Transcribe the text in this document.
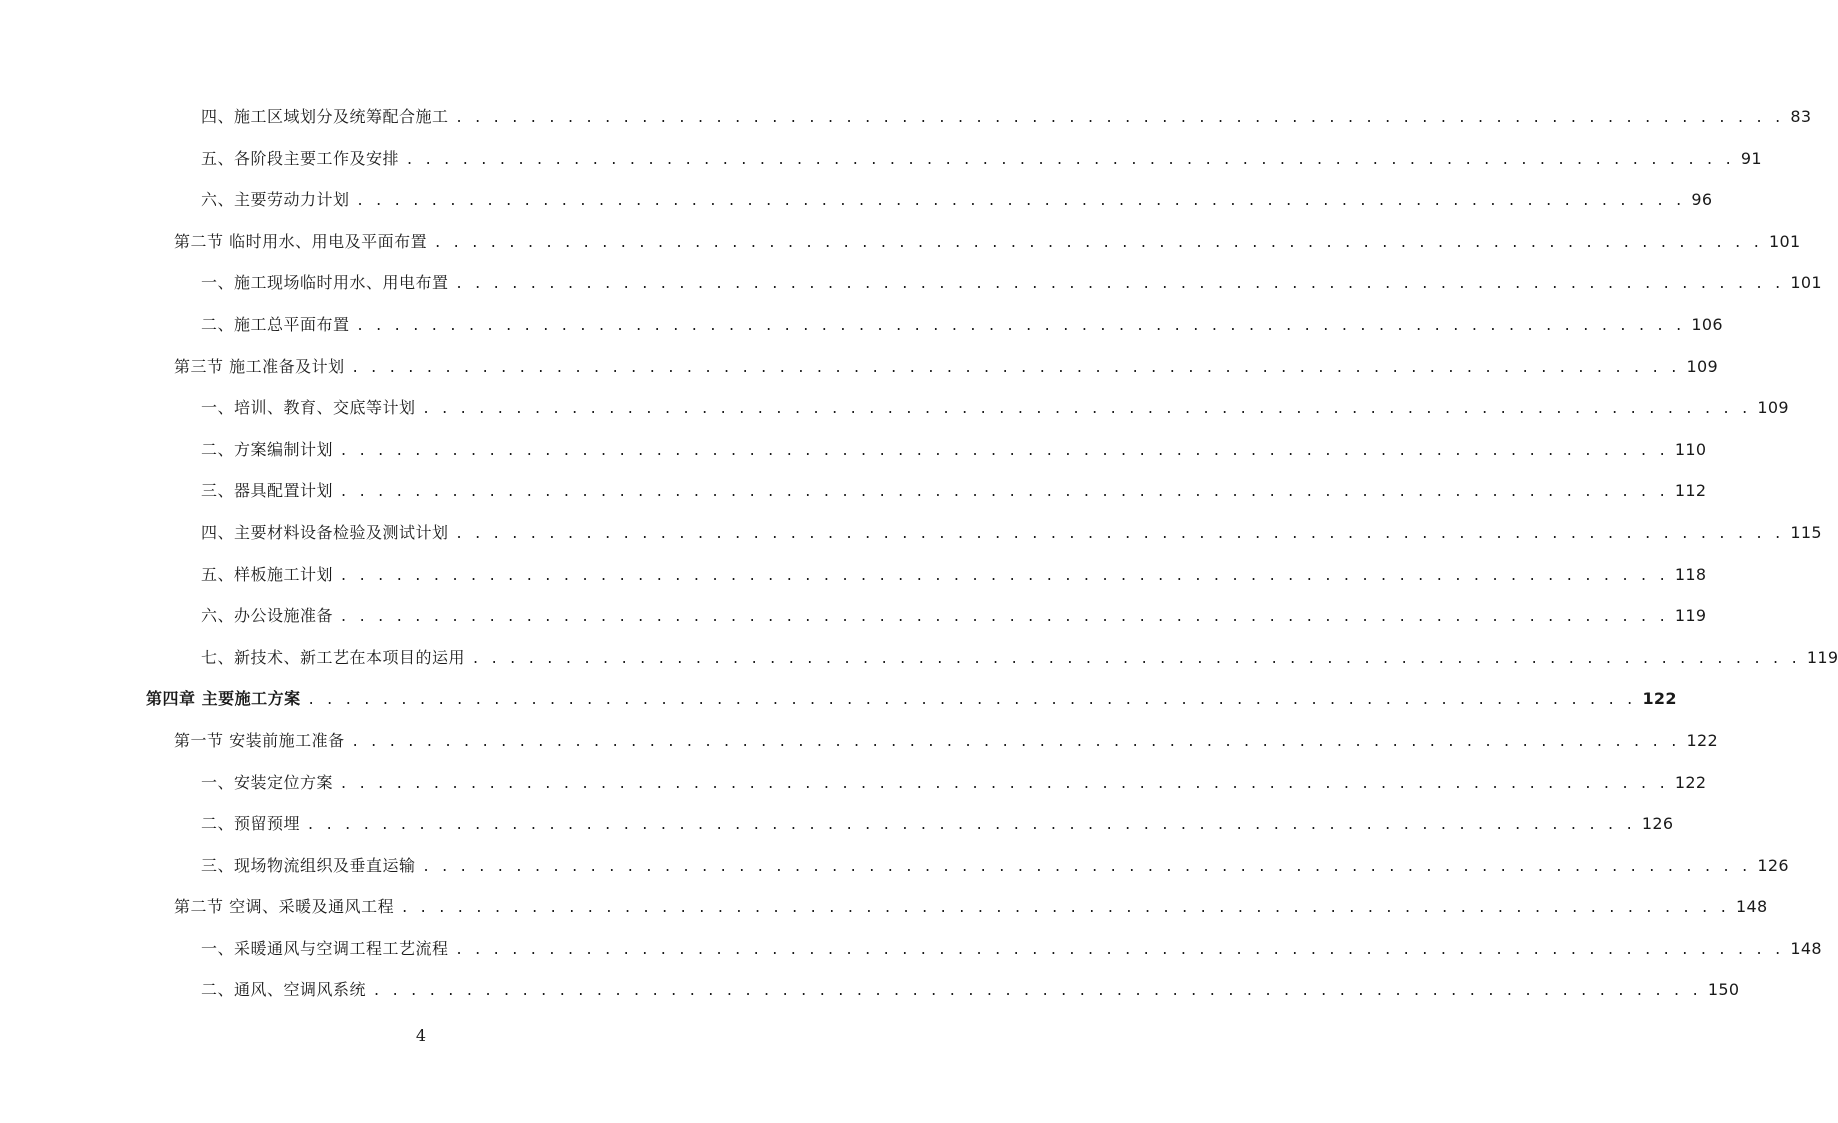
四、施工区域划分及统筹配合施工 . . . . . . . . . . . . . . . . . . . . . . . . . . . . . . . . . . . . . . . . . . . . . . . . . . . . . . . . . . . . . . . . . . . . . . . . 83
五、各阶段主要工作及安排 . . . . . . . . . . . . . . . . . . . . . . . . . . . . . . . . . . . . . . . . . . . . . . . . . . . . . . . . . . . . . . . . . . . . . . . . 91
六、主要劳动力计划 . . . . . . . . . . . . . . . . . . . . . . . . . . . . . . . . . . . . . . . . . . . . . . . . . . . . . . . . . . . . . . . . . . . . . . . . 96
第二节 临时用水、用电及平面布置 . . . . . . . . . . . . . . . . . . . . . . . . . . . . . . . . . . . . . . . . . . . . . . . . . . . . . . . . . . . . . . . . . . . . . . . . 101
一、施工现场临时用水、用电布置 . . . . . . . . . . . . . . . . . . . . . . . . . . . . . . . . . . . . . . . . . . . . . . . . . . . . . . . . . . . . . . . . . . . . . . . . 101
二、施工总平面布置 . . . . . . . . . . . . . . . . . . . . . . . . . . . . . . . . . . . . . . . . . . . . . . . . . . . . . . . . . . . . . . . . . . . . . . . . 106
第三节 施工准备及计划 . . . . . . . . . . . . . . . . . . . . . . . . . . . . . . . . . . . . . . . . . . . . . . . . . . . . . . . . . . . . . . . . . . . . . . . . 109
一、培训、教育、交底等计划 . . . . . . . . . . . . . . . . . . . . . . . . . . . . . . . . . . . . . . . . . . . . . . . . . . . . . . . . . . . . . . . . . . . . . . . . 109
二、方案编制计划 . . . . . . . . . . . . . . . . . . . . . . . . . . . . . . . . . . . . . . . . . . . . . . . . . . . . . . . . . . . . . . . . . . . . . . . . 110
三、器具配置计划 . . . . . . . . . . . . . . . . . . . . . . . . . . . . . . . . . . . . . . . . . . . . . . . . . . . . . . . . . . . . . . . . . . . . . . . . 112
四、主要材料设备检验及测试计划 . . . . . . . . . . . . . . . . . . . . . . . . . . . . . . . . . . . . . . . . . . . . . . . . . . . . . . . . . . . . . . . . . . . . . . . . 115
五、样板施工计划 . . . . . . . . . . . . . . . . . . . . . . . . . . . . . . . . . . . . . . . . . . . . . . . . . . . . . . . . . . . . . . . . . . . . . . . . 118
六、办公设施准备 . . . . . . . . . . . . . . . . . . . . . . . . . . . . . . . . . . . . . . . . . . . . . . . . . . . . . . . . . . . . . . . . . . . . . . . . 119
七、新技术、新工艺在本项目的运用 . . . . . . . . . . . . . . . . . . . . . . . . . . . . . . . . . . . . . . . . . . . . . . . . . . . . . . . . . . . . . . . . . . . . . . . . 119
第四章 主要施工方案 . . . . . . . . . . . . . . . . . . . . . . . . . . . . . . . . . . . . . . . . . . . . . . . . . . . . . . . . . . . . . . . . . . . . . . . . 122
第一节 安装前施工准备 . . . . . . . . . . . . . . . . . . . . . . . . . . . . . . . . . . . . . . . . . . . . . . . . . . . . . . . . . . . . . . . . . . . . . . . . 122
一、安装定位方案 . . . . . . . . . . . . . . . . . . . . . . . . . . . . . . . . . . . . . . . . . . . . . . . . . . . . . . . . . . . . . . . . . . . . . . . . 122
二、预留预埋 . . . . . . . . . . . . . . . . . . . . . . . . . . . . . . . . . . . . . . . . . . . . . . . . . . . . . . . . . . . . . . . . . . . . . . . . 126
三、现场物流组织及垂直运输 . . . . . . . . . . . . . . . . . . . . . . . . . . . . . . . . . . . . . . . . . . . . . . . . . . . . . . . . . . . . . . . . . . . . . . . . 126
第二节 空调、采暖及通风工程 . . . . . . . . . . . . . . . . . . . . . . . . . . . . . . . . . . . . . . . . . . . . . . . . . . . . . . . . . . . . . . . . . . . . . . . . 148
一、采暖通风与空调工程工艺流程 . . . . . . . . . . . . . . . . . . . . . . . . . . . . . . . . . . . . . . . . . . . . . . . . . . . . . . . . . . . . . . . . . . . . . . . . 148
二、通风、空调风系统 . . . . . . . . . . . . . . . . . . . . . . . . . . . . . . . . . . . . . . . . . . . . . . . . . . . . . . . . . . . . . . . . . . . . . . . . 150
4
